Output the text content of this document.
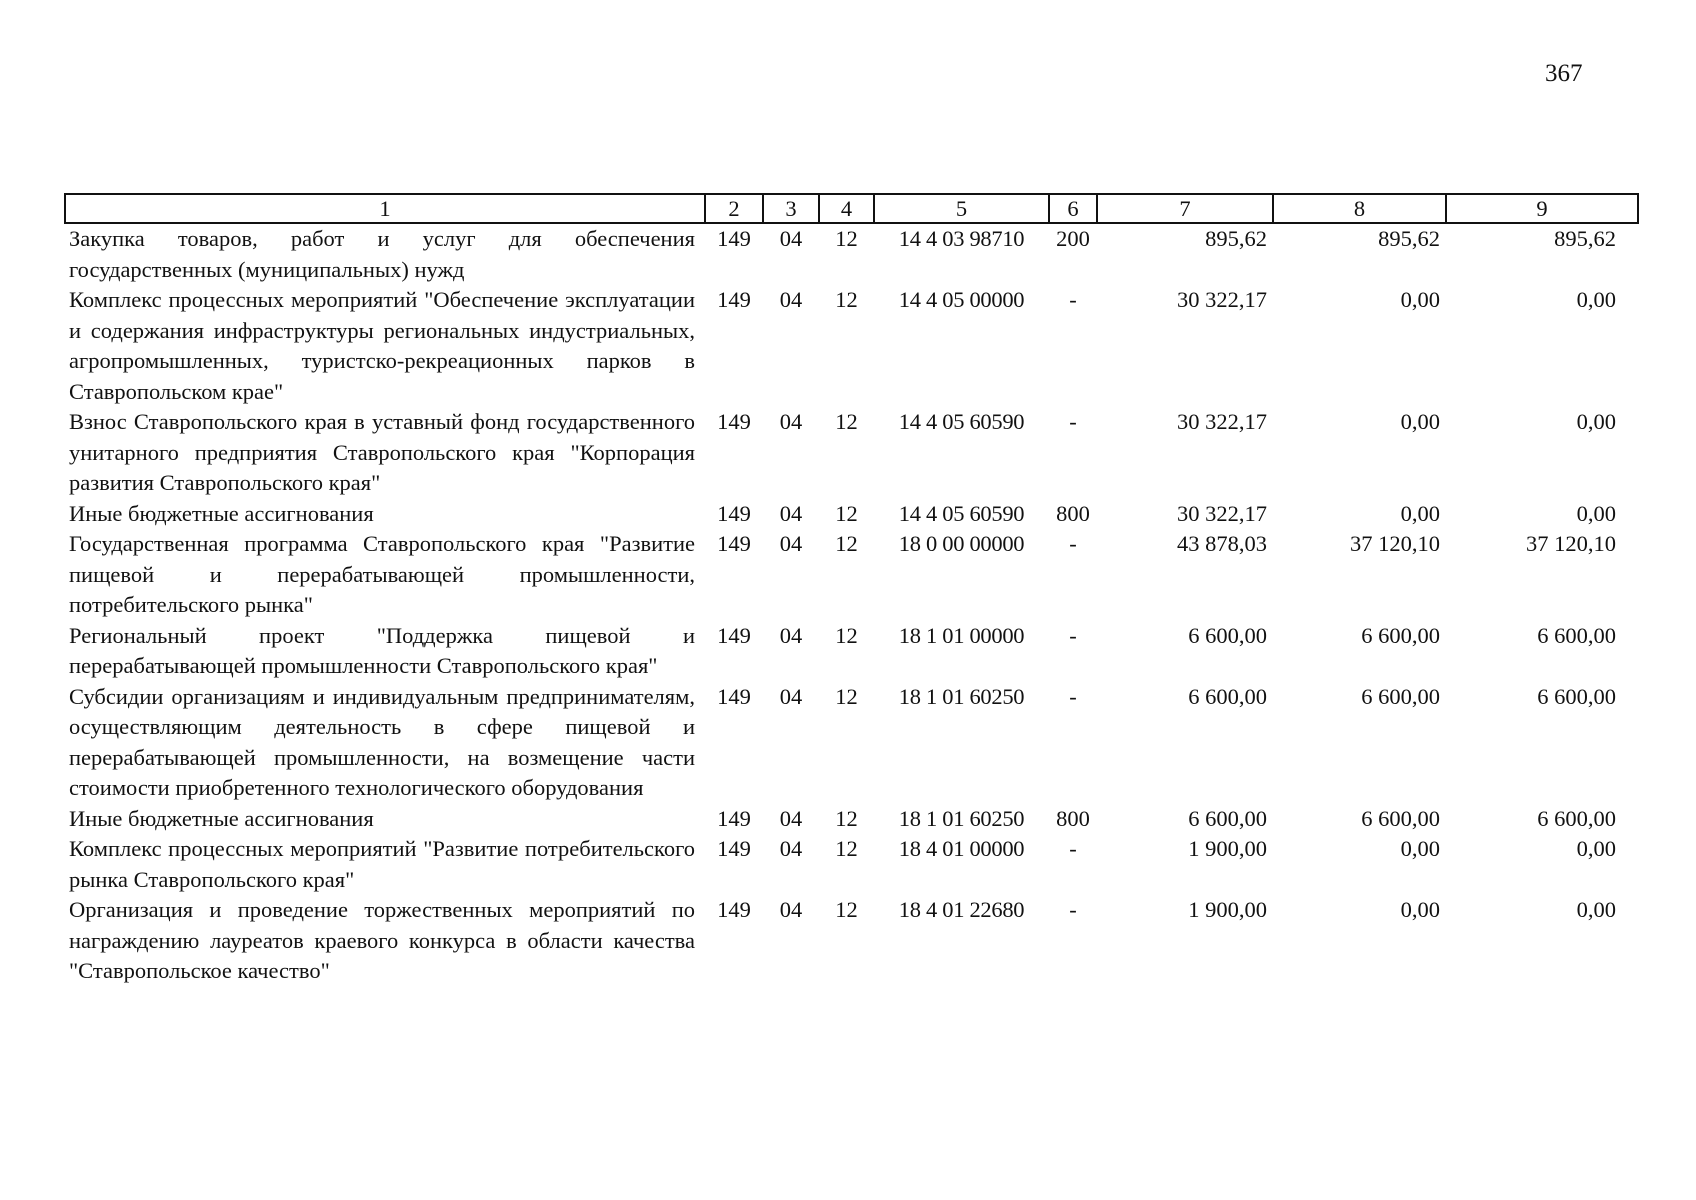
367
1	2	3	4	5	6	7	8	9
Закупка товаров, работ и услуг для обеспечения государственных (муниципальных) нужд	149	04	12	14 4 03 98710	200	895,62	895,62	895,62
Комплекс процессных мероприятий "Обеспечение эксплуатации и содержания инфраструктуры региональных индустриальных, агропромышленных, туристско-рекреационных парков в Ставропольском крае"	149	04	12	14 4 05 00000	-	30 322,17	0,00	0,00
Взнос Ставропольского края в уставный фонд государственного унитарного предприятия Ставропольского края "Корпорация развития Ставропольского края"	149	04	12	14 4 05 60590	-	30 322,17	0,00	0,00
Иные бюджетные ассигнования	149	04	12	14 4 05 60590	800	30 322,17	0,00	0,00
Государственная программа Ставропольского края "Развитие пищевой и перерабатывающей промышленности, потребительского рынка"	149	04	12	18 0 00 00000	-	43 878,03	37 120,10	37 120,10
Региональный проект "Поддержка пищевой и перерабатывающей промышленности Ставропольского края"	149	04	12	18 1 01 00000	-	6 600,00	6 600,00	6 600,00
Субсидии организациям и индивидуальным предпринимателям, осуществляющим деятельность в сфере пищевой и перерабатывающей промышленности, на возмещение части стоимости приобретенного технологического оборудования	149	04	12	18 1 01 60250	-	6 600,00	6 600,00	6 600,00
Иные бюджетные ассигнования	149	04	12	18 1 01 60250	800	6 600,00	6 600,00	6 600,00
Комплекс процессных мероприятий "Развитие потребительского рынка Ставропольского края"	149	04	12	18 4 01 00000	-	1 900,00	0,00	0,00
Организация и проведение торжественных мероприятий по награждению лауреатов краевого конкурса в области качества "Ставропольское качество"	149	04	12	18 4 01 22680	-	1 900,00	0,00	0,00
